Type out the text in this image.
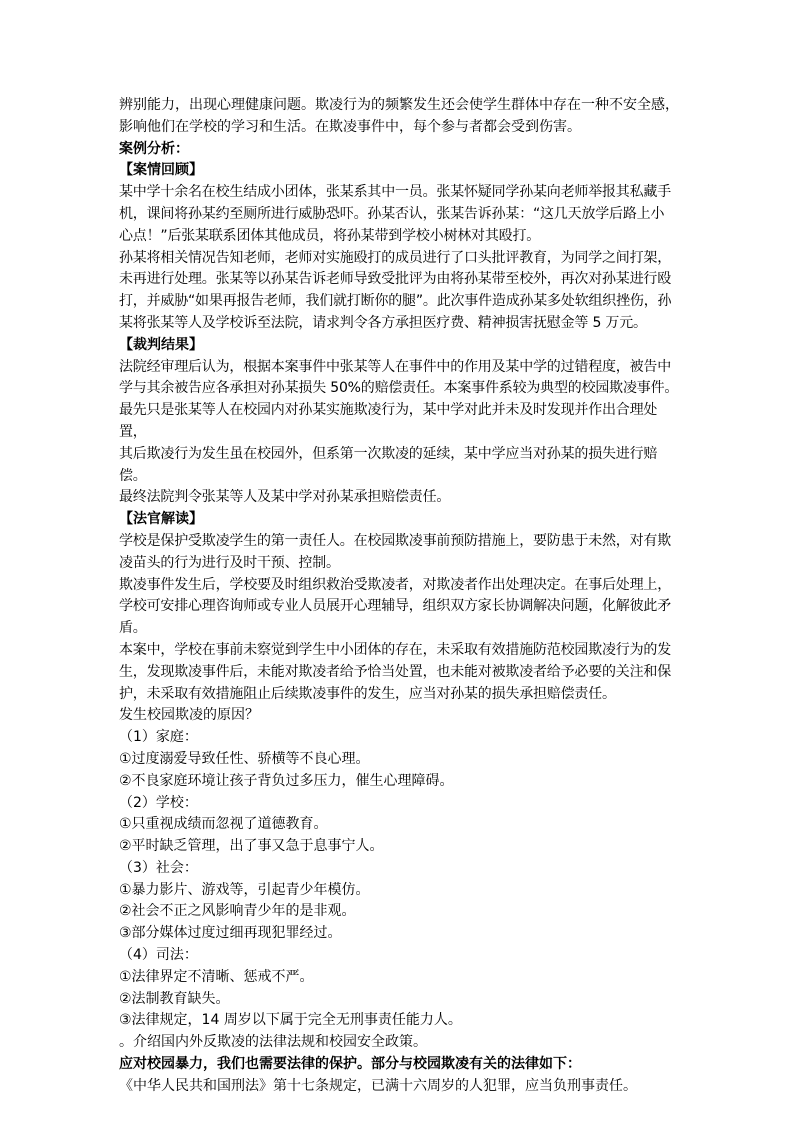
辨别能力，出现心理健康问题。欺凌行为的频繁发生还会使学生群体中存在一种不安全感，

影响他们在学校的学习和生活。在欺凌事件中，每个参与者都会受到伤害。

案例分析：

【案情回顾】

某中学十余名在校生结成小团体，张某系其中一员。张某怀疑同学孙某向老师举报其私藏手

机，课间将孙某约至厕所进行威胁恐吓。孙某否认，张某告诉孙某：“这几天放学后路上小

心点！”后张某联系团体其他成员，将孙某带到学校小树林对其殴打。

孙某将相关情况告知老师，老师对实施殴打的成员进行了口头批评教育，为同学之间打架，

未再进行处理。张某等以孙某告诉老师导致受批评为由将孙某带至校外，再次对孙某进行殴

打，并威胁“如果再报告老师，我们就打断你的腿”。此次事件造成孙某多处软组织挫伤，孙

某将张某等人及学校诉至法院，请求判令各方承担医疗费、精神损害抚慰金等 5 万元。

【裁判结果】

法院经审理后认为，根据本案事件中张某等人在事件中的作用及某中学的过错程度，被告中

学与其余被告应各承担对孙某损失 50%的赔偿责任。本案事件系较为典型的校园欺凌事件。

最先只是张某等人在校园内对孙某实施欺凌行为，某中学对此并未及时发现并作出合理处置，

其后欺凌行为发生虽在校园外，但系第一次欺凌的延续，某中学应当对孙某的损失进行赔偿。

最终法院判令张某等人及某中学对孙某承担赔偿责任。

【法官解读】

学校是保护受欺凌学生的第一责任人。在校园欺凌事前预防措施上，要防患于未然，对有欺

凌苗头的行为进行及时干预、控制。

欺凌事件发生后，学校要及时组织救治受欺凌者，对欺凌者作出处理决定。在事后处理上，

学校可安排心理咨询师或专业人员展开心理辅导，组织双方家长协调解决问题，化解彼此矛

盾。

本案中，学校在事前未察觉到学生中小团体的存在，未采取有效措施防范校园欺凌行为的发

生，发现欺凌事件后，未能对欺凌者给予恰当处置，也未能对被欺凌者给予必要的关注和保

护，未采取有效措施阻止后续欺凌事件的发生，应当对孙某的损失承担赔偿责任。

发生校园欺凌的原因？

（1）家庭：

①过度溺爱导致任性、骄横等不良心理。

②不良家庭环境让孩子背负过多压力，催生心理障碍。

（2）学校：

①只重视成绩而忽视了道德教育。

②平时缺乏管理，出了事又急于息事宁人。

（3）社会：

①暴力影片、游戏等，引起青少年模仿。

②社会不正之风影响青少年的是非观。

③部分媒体过度过细再现犯罪经过。

（4）司法：

①法律界定不清晰、惩戒不严。

②法制教育缺失。

③法律规定，14 周岁以下属于完全无刑事责任能力人。

。介绍国内外反欺凌的法律法规和校园安全政策。

应对校园暴力，我们也需要法律的保护。部分与校园欺凌有关的法律如下：

《中华人民共和国刑法》第十七条规定，已满十六周岁的人犯罪，应当负刑事责任。
